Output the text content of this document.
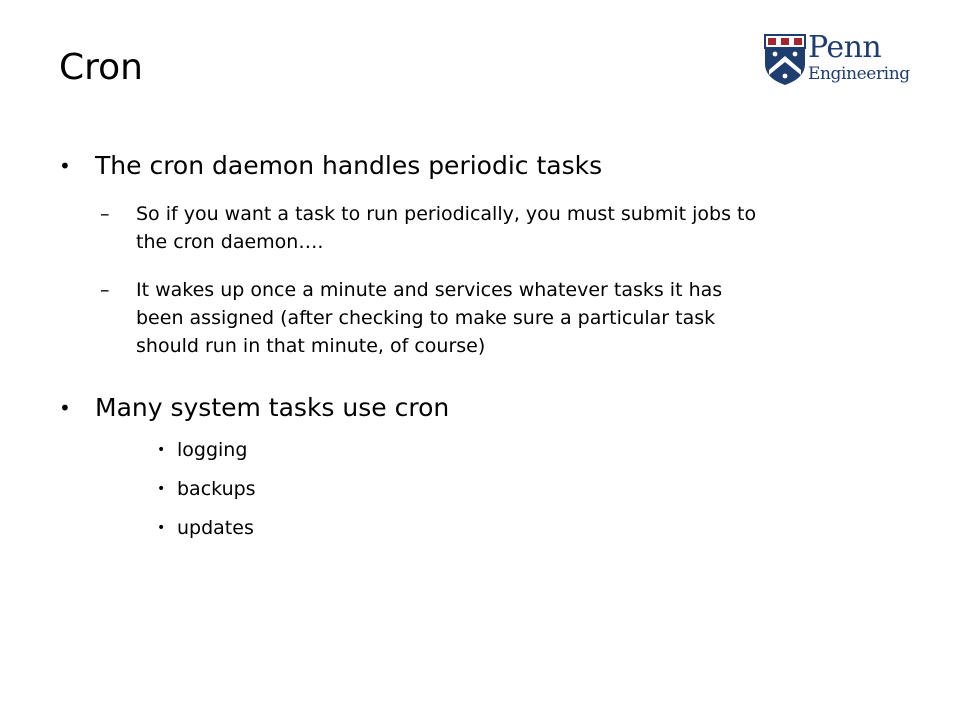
Cron	Penn
Engineering
• The cron daemon handles periodic tasks
– So if you want a task to run periodically, you must submit jobs to
the cron daemon….
– It wakes up once a minute and services whatever tasks it has
been assigned (after checking to make sure a particular task
should run in that minute, of course)
• Many system tasks use cron
• logging
• backups
• updates
